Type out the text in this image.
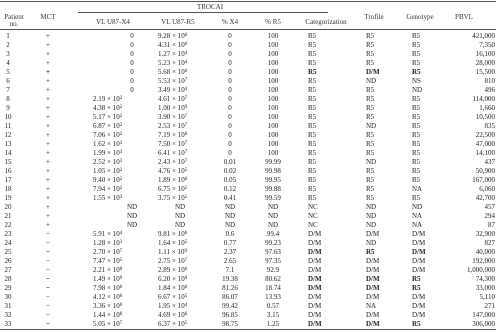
Patient no.
MCT
TROCAI
VL U87-X4	VL U87-R5	% X4	% R5	Categorization
Trofile	Genotype	PBVL
1	+	0	$9.28 \times 10^6$	0	100	R5	R5	R5	421,000
2	+	0	$4.31 \times 10^6$	0	100	R5	R5	R5	7,350
3	+	0	$1.27 \times 10^4$	0	100	R5	R5	R5	16,100
4	+	0	$5.23 \times 10^4$	0	100	R5	R5	R5	28,000
5	+	0	$5.68 \times 10^6$	0	100	R5	D/M	R5	15,500
6	+	0	$5.53 \times 10^7$	0	100	R5	ND	NS	810
7	+	0	$3.49 \times 10^4$	0	100	R5	R5	ND	496
8	+	$2.19 \times 10^2$	$4.61 \times 10^7$	0	100	R5	R5	R5	114,000
9	+	$4.38 \times 10^2$	$1.00 \times 10^9$	0	100	R5	R5	R5	1,660
10	+	$5.17 \times 10^2$	$3.90 \times 10^7$	0	100	R5	R5	R5	10,500
11	+	$6.87 \times 10^2$	$2.53 \times 10^7$	0	100	R5	ND	R5	835
12	+	$7.06 \times 10^2$	$7.19 \times 10^8$	0	100	R5	R5	R5	22,500
13	+	$1.62 \times 10^3$	$7.50 \times 10^7$	0	100	R5	R5	R5	47,000
14	+	$1.99 \times 10^3$	$6.41 \times 10^7$	0	100	R5	R5	R5	14,100
15	+	$2.52 \times 10^3$	$2.43 \times 10^7$	0.01	99.99	R5	ND	R5	437
16	+	$1.05 \times 10^2$	$4.76 \times 10^5$	0.02	99.98	R5	R5	R5	50,900
17	+	$9.40 \times 10^2$	$1.89 \times 10^6$	0.05	99.95	R5	R5	R5	167,000
18	+	$7.94 \times 10^2$	$6.75 \times 10^5$	0.12	99.88	R5	R5	NA	6,060
19	+	$1.55 \times 10^3$	$3.75 \times 10^5$	0.41	99.59	R5	R5	R5	42,700
20	+	ND	ND	ND	ND	NC	ND	ND	457
21	+	ND	ND	ND	ND	NC	ND	NA	294
22	+	ND	ND	ND	ND	NC	ND	NA	87
23	−	$5.91 \times 10^4$	$9.81 \times 10^6$	0.6	99.4	D/M	D/M	D/M	32,900
24	−	$1.28 \times 10^3$	$1.64 \times 10^5$	0.77	99.23	D/M	ND	D/M	827
25	−	$2.70 \times 10^7$	$1.11 \times 10^9$	2.37	97.63	D/M	R5	D/M	40,000
26	−	$7.47 \times 10^5$	$2.75 \times 10^7$	2.65	97.35	D/M	D/M	D/M	192,000
27	−	$2.21 \times 10^8$	$2.89 \times 10^6$	7.1	92.9	D/M	D/M	D/M	1,000,000
28	−	$1.49 \times 10^9$	$6.20 \times 10^9$	19.38	80.62	D/M	D/M	R5	74,300
29	−	$7.98 \times 10^6$	$1.84 \times 10^6$	81.26	18.74	D/M	D/M	R5	33,000
30	−	$4.12 \times 10^6$	$6.67 \times 10^5$	86.07	13.93	D/M	D/M	D/M	5,110
31	−	$3.36 \times 10^6$	$1.95 \times 10^4$	99.42	0.57	D/M	NA	D/M	271
32	−	$1.44 \times 10^8$	$4.69 \times 10^6$	96.85	3.15	D/M	D/M	D/M	147,000
33	−	$5.05 \times 10^7$	$6.37 \times 10^5$	98.75	1.25	D/M	D/M	R5	306,000
